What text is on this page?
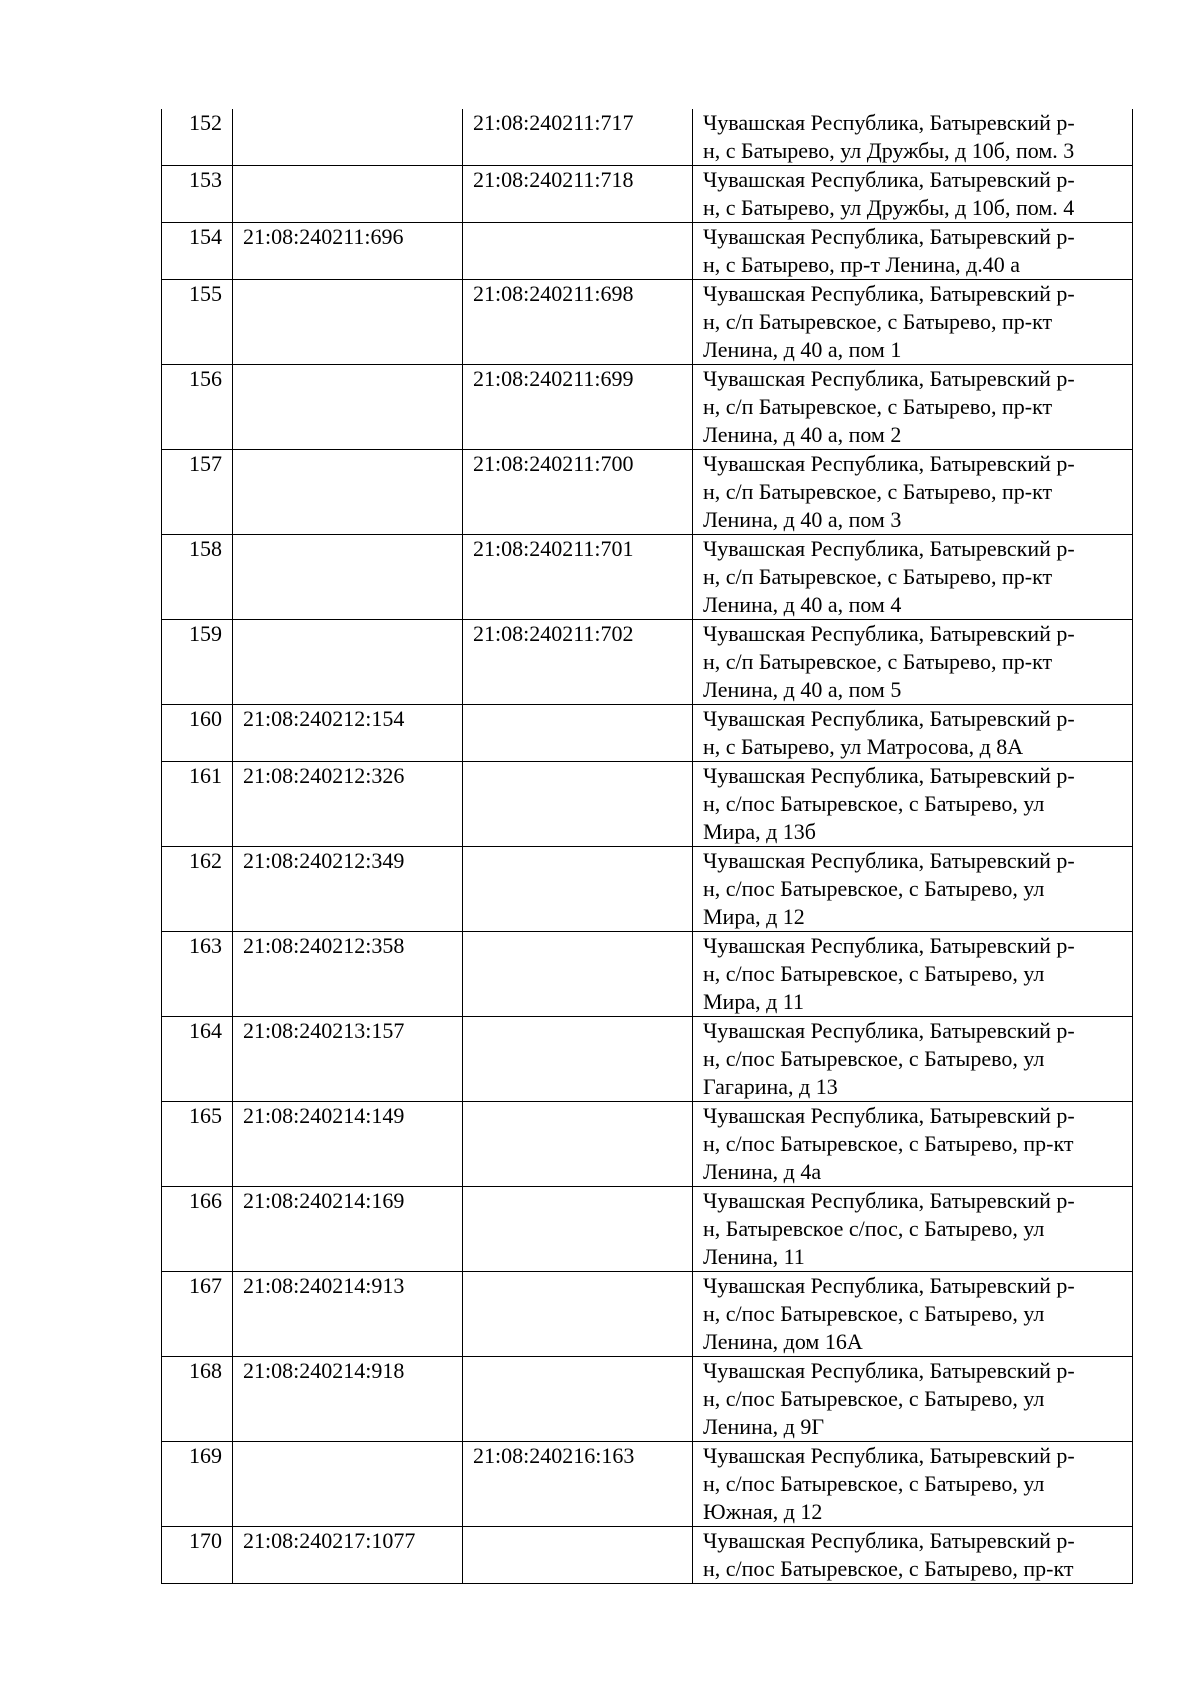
152		21:08:240211:717	Чувашская Республика, Батыревский р-
н, с Батырево, ул Дружбы, д 10б, пом. 3
153		21:08:240211:718	Чувашская Республика, Батыревский р-
н, с Батырево, ул Дружбы, д 10б, пом. 4
154	21:08:240211:696		Чувашская Республика, Батыревский р-
н, с Батырево, пр-т Ленина, д.40 а
155		21:08:240211:698	Чувашская Республика, Батыревский р-
н, с/п Батыревское, с Батырево, пр-кт
Ленина, д 40 а, пом 1
156		21:08:240211:699	Чувашская Республика, Батыревский р-
н, с/п Батыревское, с Батырево, пр-кт
Ленина, д 40 а, пом 2
157		21:08:240211:700	Чувашская Республика, Батыревский р-
н, с/п Батыревское, с Батырево, пр-кт
Ленина, д 40 а, пом 3
158		21:08:240211:701	Чувашская Республика, Батыревский р-
н, с/п Батыревское, с Батырево, пр-кт
Ленина, д 40 а, пом 4
159		21:08:240211:702	Чувашская Республика, Батыревский р-
н, с/п Батыревское, с Батырево, пр-кт
Ленина, д 40 а, пом 5
160	21:08:240212:154		Чувашская Республика, Батыревский р-
н, с Батырево, ул Матросова, д 8А
161	21:08:240212:326		Чувашская Республика, Батыревский р-
н, с/пос Батыревское, с Батырево, ул
Мира, д 13б
162	21:08:240212:349		Чувашская Республика, Батыревский р-
н, с/пос Батыревское, с Батырево, ул
Мира, д 12
163	21:08:240212:358		Чувашская Республика, Батыревский р-
н, с/пос Батыревское, с Батырево, ул
Мира, д 11
164	21:08:240213:157		Чувашская Республика, Батыревский р-
н, с/пос Батыревское, с Батырево, ул
Гагарина, д 13
165	21:08:240214:149		Чувашская Республика, Батыревский р-
н, с/пос Батыревское, с Батырево, пр-кт
Ленина, д 4а
166	21:08:240214:169		Чувашская Республика, Батыревский р-
н, Батыревское с/пос, с Батырево, ул
Ленина, 11
167	21:08:240214:913		Чувашская Республика, Батыревский р-
н, с/пос Батыревское, с Батырево, ул
Ленина, дом 16А
168	21:08:240214:918		Чувашская Республика, Батыревский р-
н, с/пос Батыревское, с Батырево, ул
Ленина, д 9Г
169		21:08:240216:163	Чувашская Республика, Батыревский р-
н, с/пос Батыревское, с Батырево, ул
Южная, д 12
170	21:08:240217:1077		Чувашская Республика, Батыревский р-
н, с/пос Батыревское, с Батырево, пр-кт
